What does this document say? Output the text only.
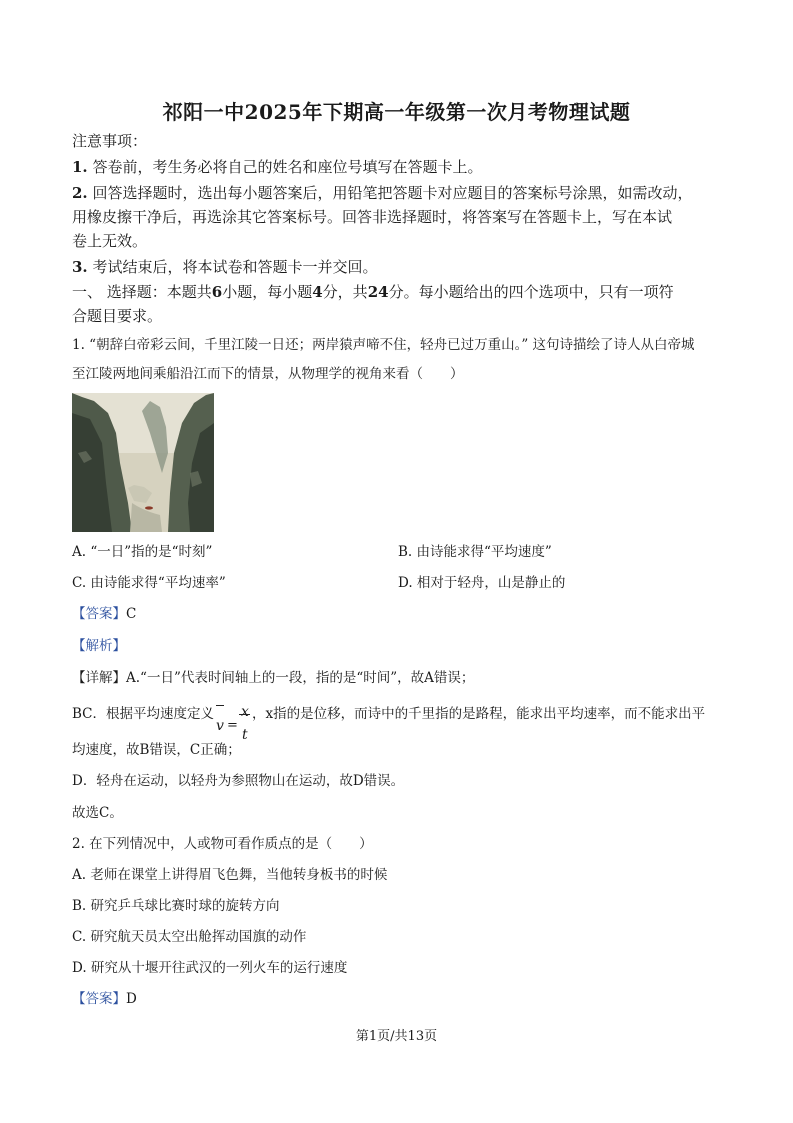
祁阳一中2025年下期高一年级第一次月考物理试题
注意事项：
1. 答卷前，考生务必将自己的姓名和座位号填写在答题卡上。
2. 回答选择题时，选出每小题答案后，用铅笔把答题卡对应题目的答案标号涂黑，如需改动，
用橡皮擦干净后，再选涂其它答案标号。回答非选择题时，将答案写在答题卡上，写在本试
卷上无效。
3. 考试结束后，将本试卷和答题卡一并交回。
一、 选择题：本题共6小题，每小题4分，共24分。每小题给出的四个选项中，只有一项符
合题目要求。
1. “朝辞白帝彩云间，千里江陵一日还；两岸猿声啼不住，轻舟已过万重山。” 这句诗描绘了诗人从白帝城
至江陵两地间乘船沿江而下的情景，从物理学的视角来看（　　）
A. “一日”指的是“时刻”	B. 由诗能求得“平均速度”
C. 由诗能求得“平均速率”	D. 相对于轻舟，山是静止的
【答案】C
【解析】
【详解】A.“一日”代表时间轴上的一段，指的是“时间”，故A错误；
BC．根据平均速度定义
v =
x
t
，x指的是位移，而诗中的千里指的是路程，能求出平均速率，而不能求出平
均速度，故B错误，C正确；
D．轻舟在运动，以轻舟为参照物山在运动，故D错误。
故选C。
2. 在下列情况中，人或物可看作质点的是（　　）
A. 老师在课堂上讲得眉飞色舞，当他转身板书的时候
B. 研究乒乓球比赛时球的旋转方向
C. 研究航天员太空出舱挥动国旗的动作
D. 研究从十堰开往武汉的一列火车的运行速度
【答案】D
第1页/共13页
